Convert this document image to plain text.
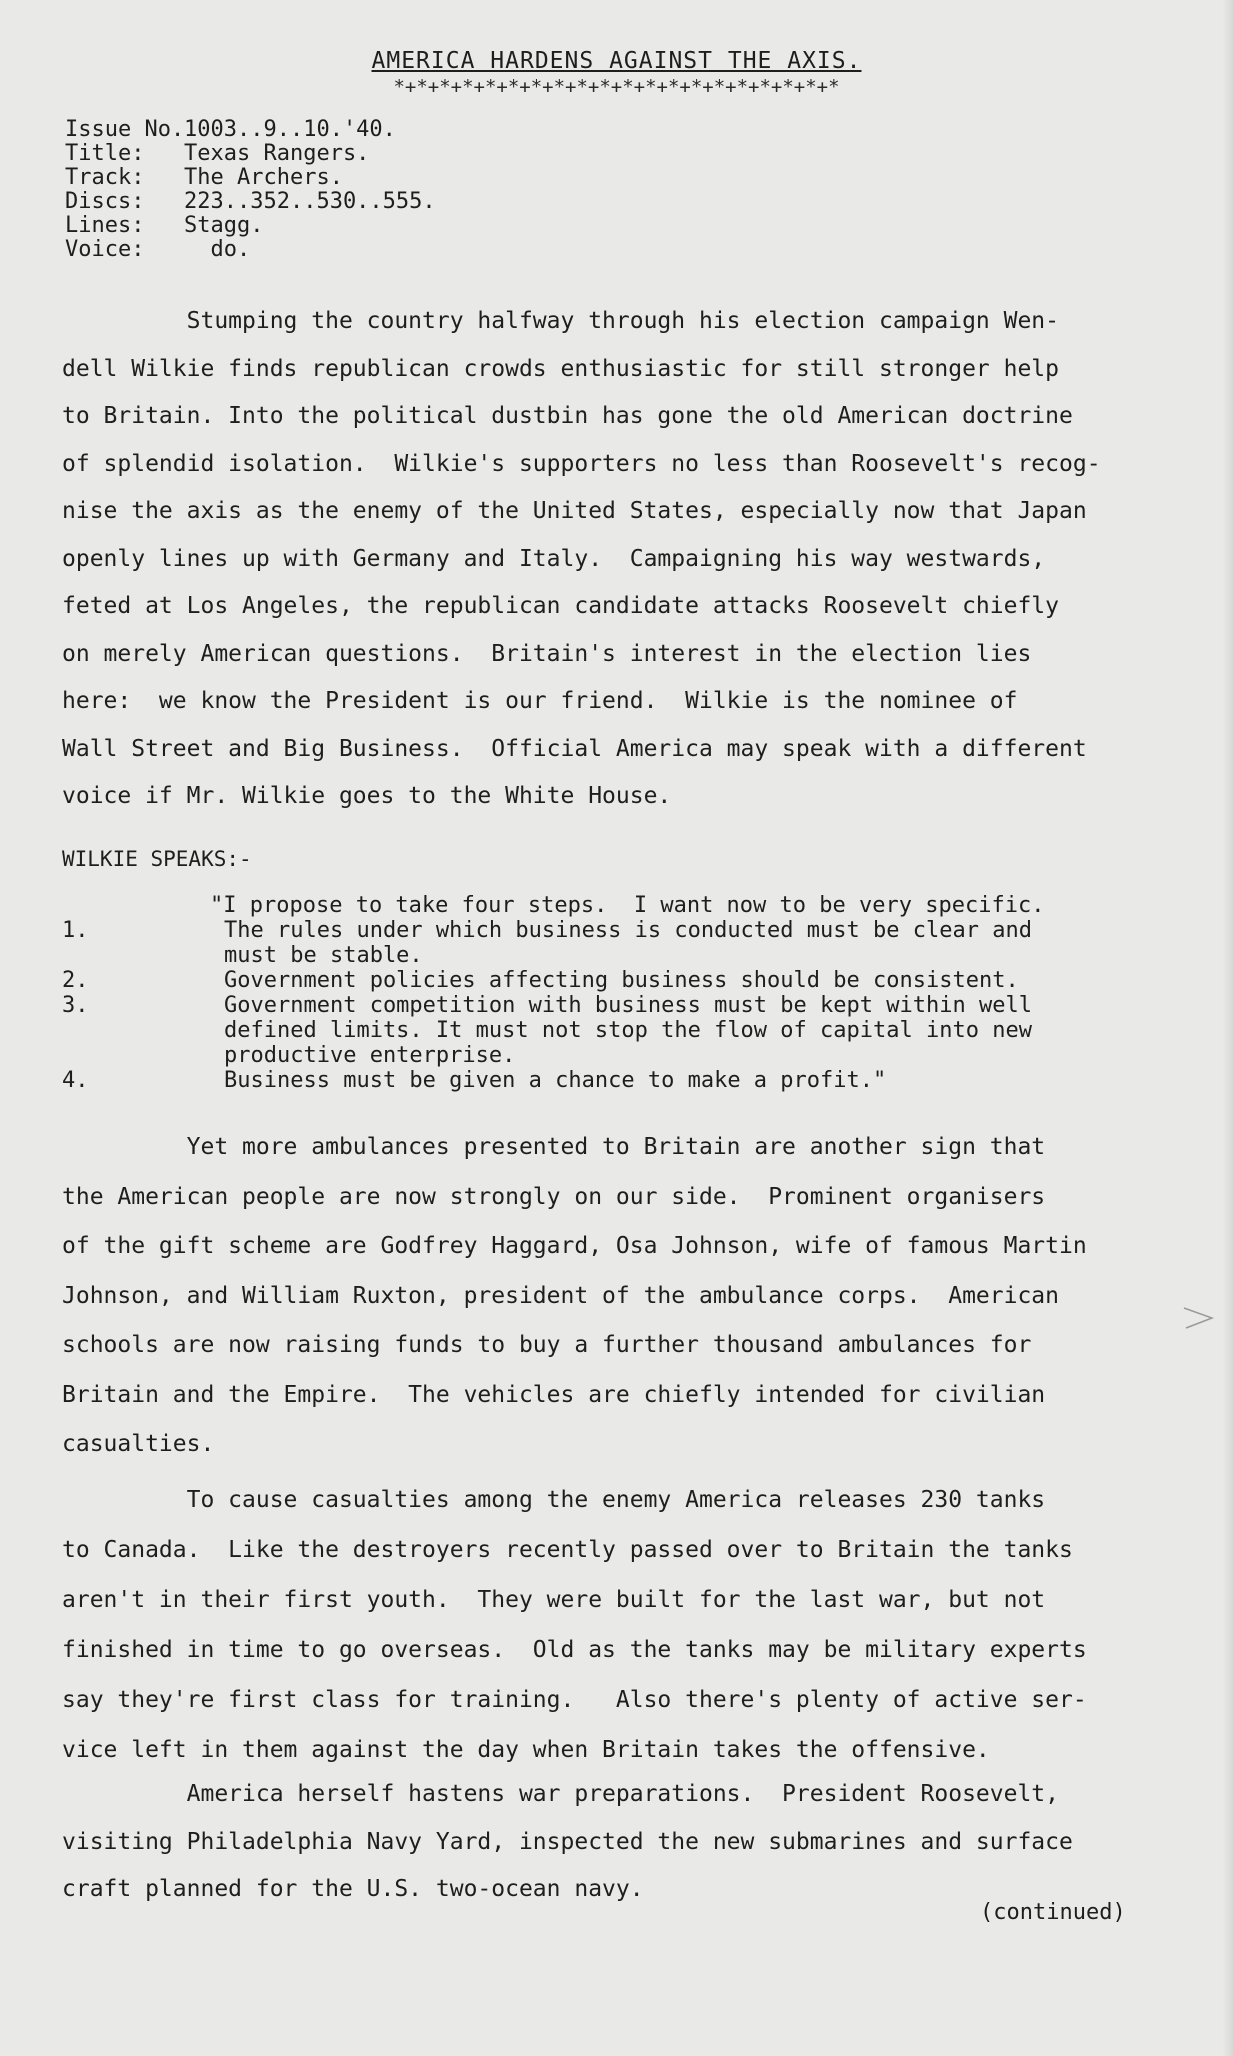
AMERICA HARDENS AGAINST THE AXIS.
*+*+*+*+*+*+*+*+*+*+*+*+*+*+*+*+*+*+*+*
Issue No. 1003..9..10.'40.
Title:	Texas Rangers.
Track:	The Archers.
Discs:	223..352..530..555.
Lines:	Stagg.
Voice:	do.
Stumping the country halfway through his election campaign Wen-
dell Wilkie finds republican crowds enthusiastic for still stronger help
to Britain. Into the political dustbin has gone the old American doctrine
of splendid isolation.  Wilkie's supporters no less than Roosevelt's recog-
nise the axis as the enemy of the United States, especially now that Japan
openly lines up with Germany and Italy.  Campaigning his way westwards,
feted at Los Angeles, the republican candidate attacks Roosevelt chiefly
on merely American questions.  Britain's interest in the election lies
here:  we know the President is our friend.  Wilkie is the nominee of
Wall Street and Big Business.  Official America may speak with a different
voice if Mr. Wilkie goes to the White House.
WILKIE SPEAKS:-
"I propose to take four steps.  I want now to be very specific.
1.	The rules under which business is conducted must be clear and
must be stable.
2.	Government policies affecting business should be consistent.
3.	Government competition with business must be kept within well
defined limits. It must not stop the flow of capital into new
productive enterprise.
4.	Business must be given a chance to make a profit."
Yet more ambulances presented to Britain are another sign that
the American people are now strongly on our side.  Prominent organisers
of the gift scheme are Godfrey Haggard, Osa Johnson, wife of famous Martin
Johnson, and William Ruxton, president of the ambulance corps.  American
schools are now raising funds to buy a further thousand ambulances for
Britain and the Empire.  The vehicles are chiefly intended for civilian
casualties.
To cause casualties among the enemy America releases 230 tanks
to Canada.  Like the destroyers recently passed over to Britain the tanks
aren't in their first youth.  They were built for the last war, but not
finished in time to go overseas.  Old as the tanks may be military experts
say they're first class for training.   Also there's plenty of active ser-
vice left in them against the day when Britain takes the offensive.
America herself hastens war preparations.  President Roosevelt,
visiting Philadelphia Navy Yard, inspected the new submarines and surface
craft planned for the U.S. two-ocean navy.
(continued)
